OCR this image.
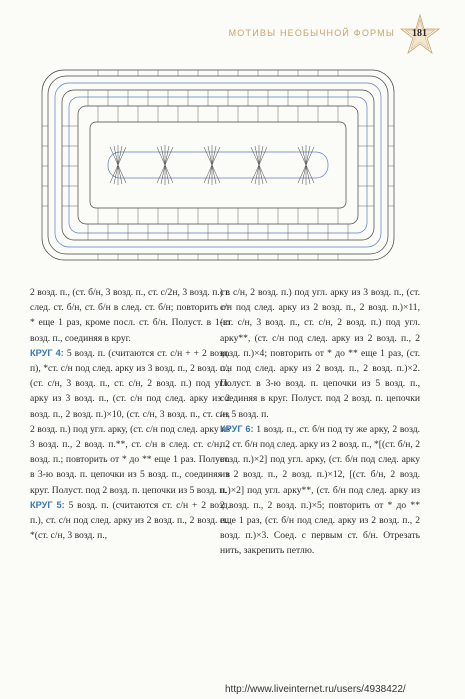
МОТИВЫ НЕОБЫЧНОЙ ФОРМЫ 181

2 возд. п., (ст. б/н, 3 возд. п., ст. с/2н, 3 возд. п.) в след. ст. б/н, ст. б/н в след. ст. б/н; повторить от * еще 1 раз, кроме посл. ст. б/н. Полуст. в 1-ю возд. п., соединяя в круг.

КРУГ 4: 5 возд. п. (считаются ст. с/н + + 2 возд. п), *ст. с/н под след. арку из 3 возд. п., 2 возд. п., (ст. с/н, 3 возд. п., ст. с/н, 2 возд. п.) под угл. арку из 3 возд. п., (ст. с/н под след. арку из 2 возд. п., 2 возд. п.)×10, (ст. с/н, 3 возд. п., ст. с/н, 2 возд. п.) под угл. арку, (ст. с/н под след. арку из 3 возд. п., 2 возд. п.**, ст. с/н в след. ст. с/н, 2 возд. п.; повторить от * до ** еще 1 раз. Полуст. в 3-ю возд. п. цепочки из 5 возд. п., соединяя в круг. Полуст. под 2 возд. п. цепочки из 5 возд. п.

КРУГ 5: 5 возд. п. (считаются ст. с/н + 2 возд. п.), ст. с/н под след. арку из 2 возд. п., 2 возд. п., *(ст. с/н, 3 возд. п.,

ст. с/н, 2 возд. п.) под угл. арку из 3 возд. п., (ст. с/н под след. арку из 2 возд. п., 2 возд. п.)×11, (ст. с/н, 3 возд. п., ст. с/н, 2 возд. п.) под угл. арку**, (ст. с/н под след. арку из 2 возд. п., 2 возд. п.)×4; повторить от * до ** еще 1 раз, (ст. с/н под след. арку из 2 возд. п., 2 возд. п.)×2. Полуст. в 3-ю возд. п. цепочки из 5 возд. п., соединяя в круг. Полуст. под 2 возд. п. цепочки из 5 возд. п.

КРУГ 6: 1 возд. п., ст. б/н под ту же арку, 2 возд. п., ст. б/н под след. арку из 2 возд. п., *[(ст. б/н, 2 возд. п.)×2] под угл. арку, (ст. б/н под след. арку из 2 возд. п., 2 возд. п.)×12, [(ст. б/н, 2 возд. п.)×2] под угл. арку**, (ст. б/н под след. арку из 2 возд. п., 2 возд. п.)×5; повторить от * до ** еще 1 раз, (ст. б/н под след. арку из 2 возд. п., 2 возд. п.)×3. Соед. с первым ст. б/н. Отрезать нить, закрепить петлю.

http://www.liveinternet.ru/users/4938422/
